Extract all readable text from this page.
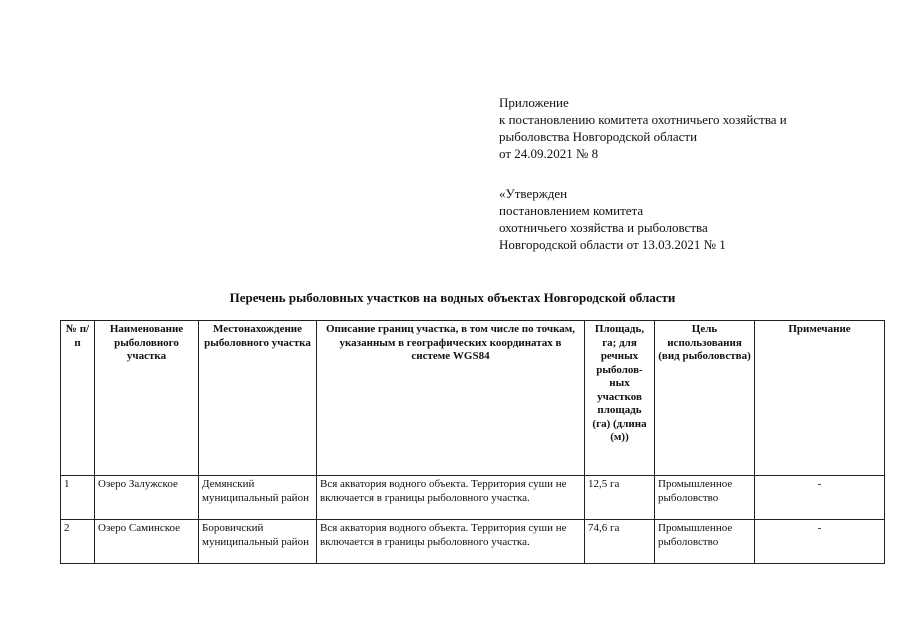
Приложение
к постановлению комитета охотничьего хозяйства и
рыболовства Новгородской области
от 24.09.2021 № 8
«Утвержден
постановлением комитета
охотничьего хозяйства и рыболовства
Новгородской области от 13.03.2021 № 1
Перечень рыболовных участков на водных объектах Новгородской области
№ п/п	Наименование рыболовного участка	Местонахождение рыболовного участка	Описание границ участка, в том числе по точкам, указанным в географических координатах в системе WGS84	Площадь, га; для речных рыболов-ных участков площадь (га) (длина (м))	Цель использования (вид рыболовства)	Примечание
1	Озеро Залужское	Демянский муниципальный район	Вся акватория водного объекта. Территория суши не включается в границы рыболовного участка.	12,5 га	Промышленное рыболовство	-
2	Озеро Саминское	Боровичский муниципальный район	Вся акватория водного объекта. Территория суши не включается в границы рыболовного участка.	74,6 га	Промышленное рыболовство	-
